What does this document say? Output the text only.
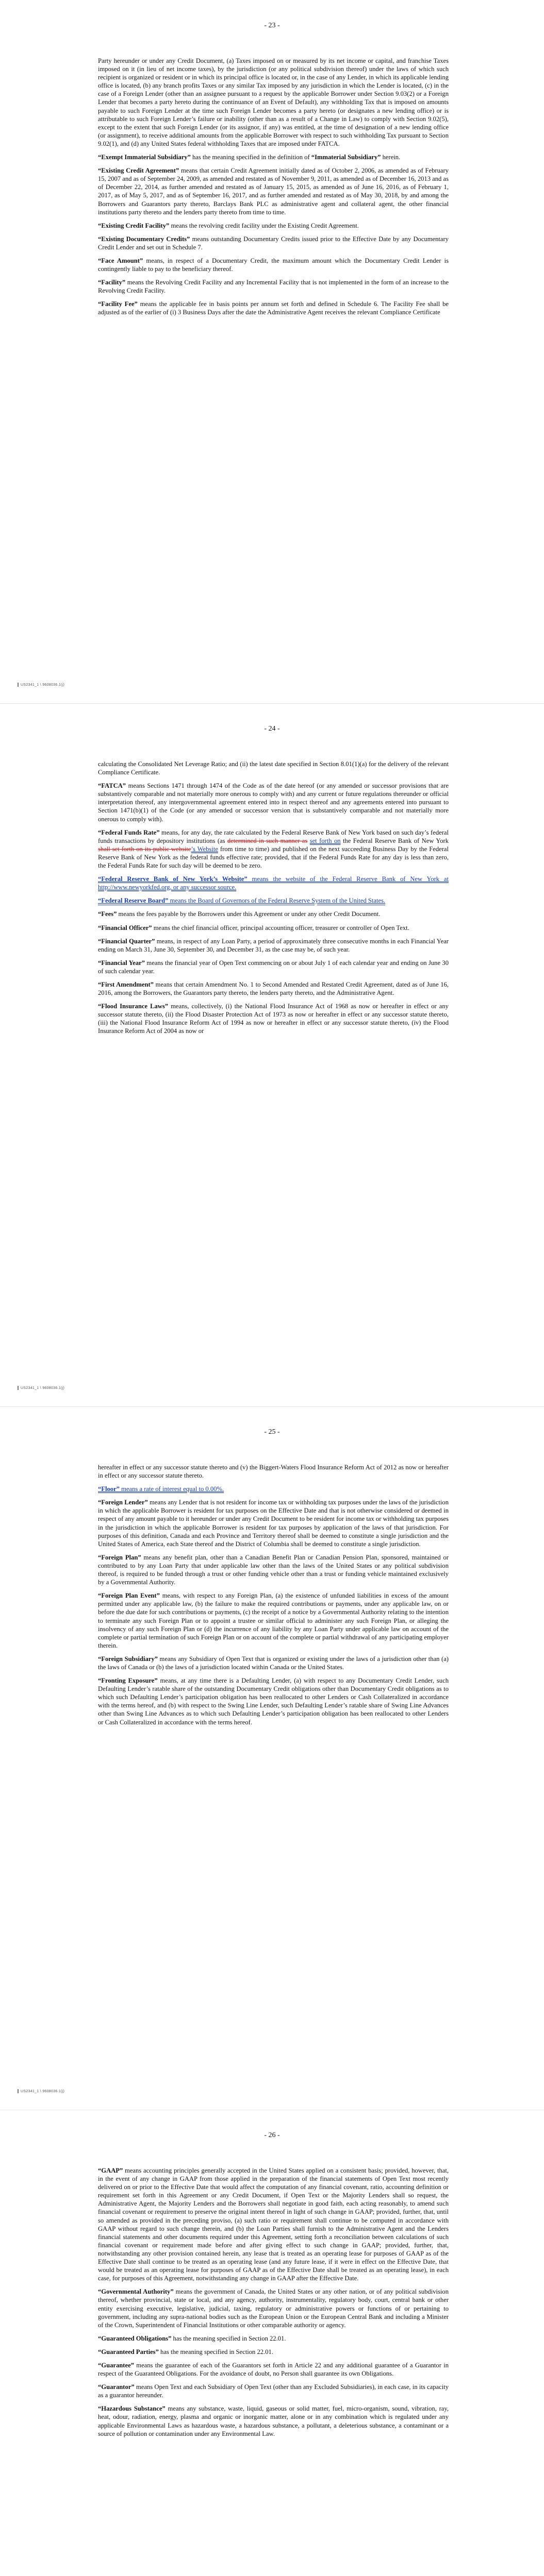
- 23 -

Party hereunder or under any Credit Document, (a) Taxes imposed on or measured by its net income or capital, and franchise Taxes imposed on it (in lieu of net income taxes), by the jurisdiction (or any political subdivision thereof) under the laws of which such recipient is organized or resident or in which its principal office is located or, in the case of any Lender, in which its applicable lending office is located, (b) any branch profits Taxes or any similar Tax imposed by any jurisdiction in which the Lender is located, (c) in the case of a Foreign Lender (other than an assignee pursuant to a request by the applicable Borrower under Section 9.03(2) or a Foreign Lender that becomes a party hereto during the continuance of an Event of Default), any withholding Tax that is imposed on amounts payable to such Foreign Lender at the time such Foreign Lender becomes a party hereto (or designates a new lending office) or is attributable to such Foreign Lender’s failure or inability (other than as a result of a Change in Law) to comply with Section 9.02(5), except to the extent that such Foreign Lender (or its assignor, if any) was entitled, at the time of designation of a new lending office (or assignment), to receive additional amounts from the applicable Borrower with respect to such withholding Tax pursuant to Section 9.02(1), and (d) any United States federal withholding Taxes that are imposed under FATCA.

“Exempt Immaterial Subsidiary” has the meaning specified in the definition of “Immaterial Subsidiary” herein.

“Existing Credit Agreement” means that certain Credit Agreement initially dated as of October 2, 2006, as amended as of February 15, 2007 and as of September 24, 2009, as amended and restated as of November 9, 2011, as amended as of December 16, 2013 and as of December 22, 2014, as further amended and restated as of January 15, 2015, as amended as of June 16, 2016, as of February 1, 2017, as of May 5, 2017, and as of September 16, 2017, and as further amended and restated as of May 30, 2018, by and among the Borrowers and Guarantors party thereto, Barclays Bank PLC as administrative agent and collateral agent, the other financial institutions party thereto and the lenders party thereto from time to time.

“Existing Credit Facility” means the revolving credit facility under the Existing Credit Agreement.

“Existing Documentary Credits” means outstanding Documentary Credits issued prior to the Effective Date by any Documentary Credit Lender and set out in Schedule 7.

“Face Amount” means, in respect of a Documentary Credit, the maximum amount which the Documentary Credit Lender is contingently liable to pay to the beneficiary thereof.

“Facility” means the Revolving Credit Facility and any Incremental Facility that is not implemented in the form of an increase to the Revolving Credit Facility.

“Facility Fee” means the applicable fee in basis points per annum set forth and defined in Schedule 6. The Facility Fee shall be adjusted as of the earlier of (i) 3 Business Days after the date the Administrative Agent receives the relevant Compliance Certificate

US2341_1 \ 9608036.1(j)
- 24 -

calculating the Consolidated Net Leverage Ratio; and (ii) the latest date specified in Section 8.01(1)(a) for the delivery of the relevant Compliance Certificate.

“FATCA” means Sections 1471 through 1474 of the Code as of the date hereof (or any amended or successor provisions that are substantively comparable and not materially more onerous to comply with) and any current or future regulations thereunder or official interpretation thereof, any intergovernmental agreement entered into in respect thereof and any agreements entered into pursuant to Section 1471(b)(1) of the Code (or any amended or successor version that is substantively comparable and not materially more onerous to comply with).

“Federal Funds Rate” means, for any day, the rate calculated by the Federal Reserve Bank of New York based on such day’s federal funds transactions by depository institutions (as determined in such manner as set forth on the Federal Reserve Bank of New York shall set forth on its public website’s Website from time to time) and published on the next succeeding Business Day by the Federal Reserve Bank of New York as the federal funds effective rate; provided, that if the Federal Funds Rate for any day is less than zero, the Federal Funds Rate for such day will be deemed to be zero.

“Federal Reserve Bank of New York’s Website” means the website of the Federal Reserve Bank of New York at http://www.newyorkfed.org, or any successor source.

“Federal Reserve Board” means the Board of Governors of the Federal Reserve System of the United States.

“Fees” means the fees payable by the Borrowers under this Agreement or under any other Credit Document.

“Financial Officer” means the chief financial officer, principal accounting officer, treasurer or controller of Open Text.

“Financial Quarter” means, in respect of any Loan Party, a period of approximately three consecutive months in each Financial Year ending on March 31, June 30, September 30, and December 31, as the case may be, of such year.

“Financial Year” means the financial year of Open Text commencing on or about July 1 of each calendar year and ending on June 30 of such calendar year.

“First Amendment” means that certain Amendment No. 1 to Second Amended and Restated Credit Agreement, dated as of June 16, 2016, among the Borrowers, the Guarantors party thereto, the lenders party thereto, and the Administrative Agent.

“Flood Insurance Laws” means, collectively, (i) the National Flood Insurance Act of 1968 as now or hereafter in effect or any successor statute thereto, (ii) the Flood Disaster Protection Act of 1973 as now or hereafter in effect or any successor statute thereto, (iii) the National Flood Insurance Reform Act of 1994 as now or hereafter in effect or any successor statute thereto, (iv) the Flood Insurance Reform Act of 2004 as now or

US2341_1 \ 9608036.1(j)
- 25 -

hereafter in effect or any successor statute thereto and (v) the Biggert-Waters Flood Insurance Reform Act of 2012 as now or hereafter in effect or any successor statute thereto.

“Floor” means a rate of interest equal to 0.00%.

“Foreign Lender” means any Lender that is not resident for income tax or withholding tax purposes under the laws of the jurisdiction in which the applicable Borrower is resident for tax purposes on the Effective Date and that is not otherwise considered or deemed in respect of any amount payable to it hereunder or under any Credit Document to be resident for income tax or withholding tax purposes in the jurisdiction in which the applicable Borrower is resident for tax purposes by application of the laws of that jurisdiction. For purposes of this definition, Canada and each Province and Territory thereof shall be deemed to constitute a single jurisdiction and the United States of America, each State thereof and the District of Columbia shall be deemed to constitute a single jurisdiction.

“Foreign Plan” means any benefit plan, other than a Canadian Benefit Plan or Canadian Pension Plan, sponsored, maintained or contributed to by any Loan Party that under applicable law other than the laws of the United States or any political subdivision thereof, is required to be funded through a trust or other funding vehicle other than a trust or funding vehicle maintained exclusively by a Governmental Authority.

“Foreign Plan Event” means, with respect to any Foreign Plan, (a) the existence of unfunded liabilities in excess of the amount permitted under any applicable law, (b) the failure to make the required contributions or payments, under any applicable law, on or before the due date for such contributions or payments, (c) the receipt of a notice by a Governmental Authority relating to the intention to terminate any such Foreign Plan or to appoint a trustee or similar official to administer any such Foreign Plan, or alleging the insolvency of any such Foreign Plan or (d) the incurrence of any liability by any Loan Party under applicable law on account of the complete or partial termination of such Foreign Plan or on account of the complete or partial withdrawal of any participating employer therein.

“Foreign Subsidiary” means any Subsidiary of Open Text that is organized or existing under the laws of a jurisdiction other than (a) the laws of Canada or (b) the laws of a jurisdiction located within Canada or the United States.

“Fronting Exposure” means, at any time there is a Defaulting Lender, (a) with respect to any Documentary Credit Lender, such Defaulting Lender’s ratable share of the outstanding Documentary Credit obligations other than Documentary Credit obligations as to which such Defaulting Lender’s participation obligation has been reallocated to other Lenders or Cash Collateralized in accordance with the terms hereof, and (b) with respect to the Swing Line Lender, such Defaulting Lender’s ratable share of Swing Line Advances other than Swing Line Advances as to which such Defaulting Lender’s participation obligation has been reallocated to other Lenders or Cash Collateralized in accordance with the terms hereof.

US2341_1 \ 9608036.1(j)
- 26 -

“GAAP” means accounting principles generally accepted in the United States applied on a consistent basis; provided, however, that, in the event of any change in GAAP from those applied in the preparation of the financial statements of Open Text most recently delivered on or prior to the Effective Date that would affect the computation of any financial covenant, ratio, accounting definition or requirement set forth in this Agreement or any Credit Document, if Open Text or the Majority Lenders shall so request, the Administrative Agent, the Majority Lenders and the Borrowers shall negotiate in good faith, each acting reasonably, to amend such financial covenant or requirement to preserve the original intent thereof in light of such change in GAAP; provided, further, that, until so amended as provided in the preceding proviso, (a) such ratio or requirement shall continue to be computed in accordance with GAAP without regard to such change therein, and (b) the Loan Parties shall furnish to the Administrative Agent and the Lenders financial statements and other documents required under this Agreement, setting forth a reconciliation between calculations of such financial covenant or requirement made before and after giving effect to such change in GAAP; provided, further, that, notwithstanding any other provision contained herein, any lease that is treated as an operating lease for purposes of GAAP as of the Effective Date shall continue to be treated as an operating lease (and any future lease, if it were in effect on the Effective Date, that would be treated as an operating lease for purposes of GAAP as of the Effective Date shall be treated as an operating lease), in each case, for purposes of this Agreement, notwithstanding any change in GAAP after the Effective Date.

“Governmental Authority” means the government of Canada, the United States or any other nation, or of any political subdivision thereof, whether provincial, state or local, and any agency, authority, instrumentality, regulatory body, court, central bank or other entity exercising executive, legislative, judicial, taxing, regulatory or administrative powers or functions of or pertaining to government, including any supra-national bodies such as the European Union or the European Central Bank and including a Minister of the Crown, Superintendent of Financial Institutions or other comparable authority or agency.

“Guaranteed Obligations” has the meaning specified in Section 22.01.

“Guaranteed Parties” has the meaning specified in Section 22.01.

“Guarantee” means the guarantee of each of the Guarantors set forth in Article 22 and any additional guarantee of a Guarantor in respect of the Guaranteed Obligations. For the avoidance of doubt, no Person shall guarantee its own Obligations.

“Guarantor” means Open Text and each Subsidiary of Open Text (other than any Excluded Subsidiaries), in each case, in its capacity as a guarantor hereunder.

“Hazardous Substance” means any substance, waste, liquid, gaseous or solid matter, fuel, micro-organism, sound, vibration, ray, heat, odour, radiation, energy, plasma and organic or inorganic matter, alone or in any combination which is regulated under any applicable Environmental Laws as hazardous waste, a hazardous substance, a pollutant, a deleterious substance, a contaminant or a source of pollution or contamination under any Environmental Law.
